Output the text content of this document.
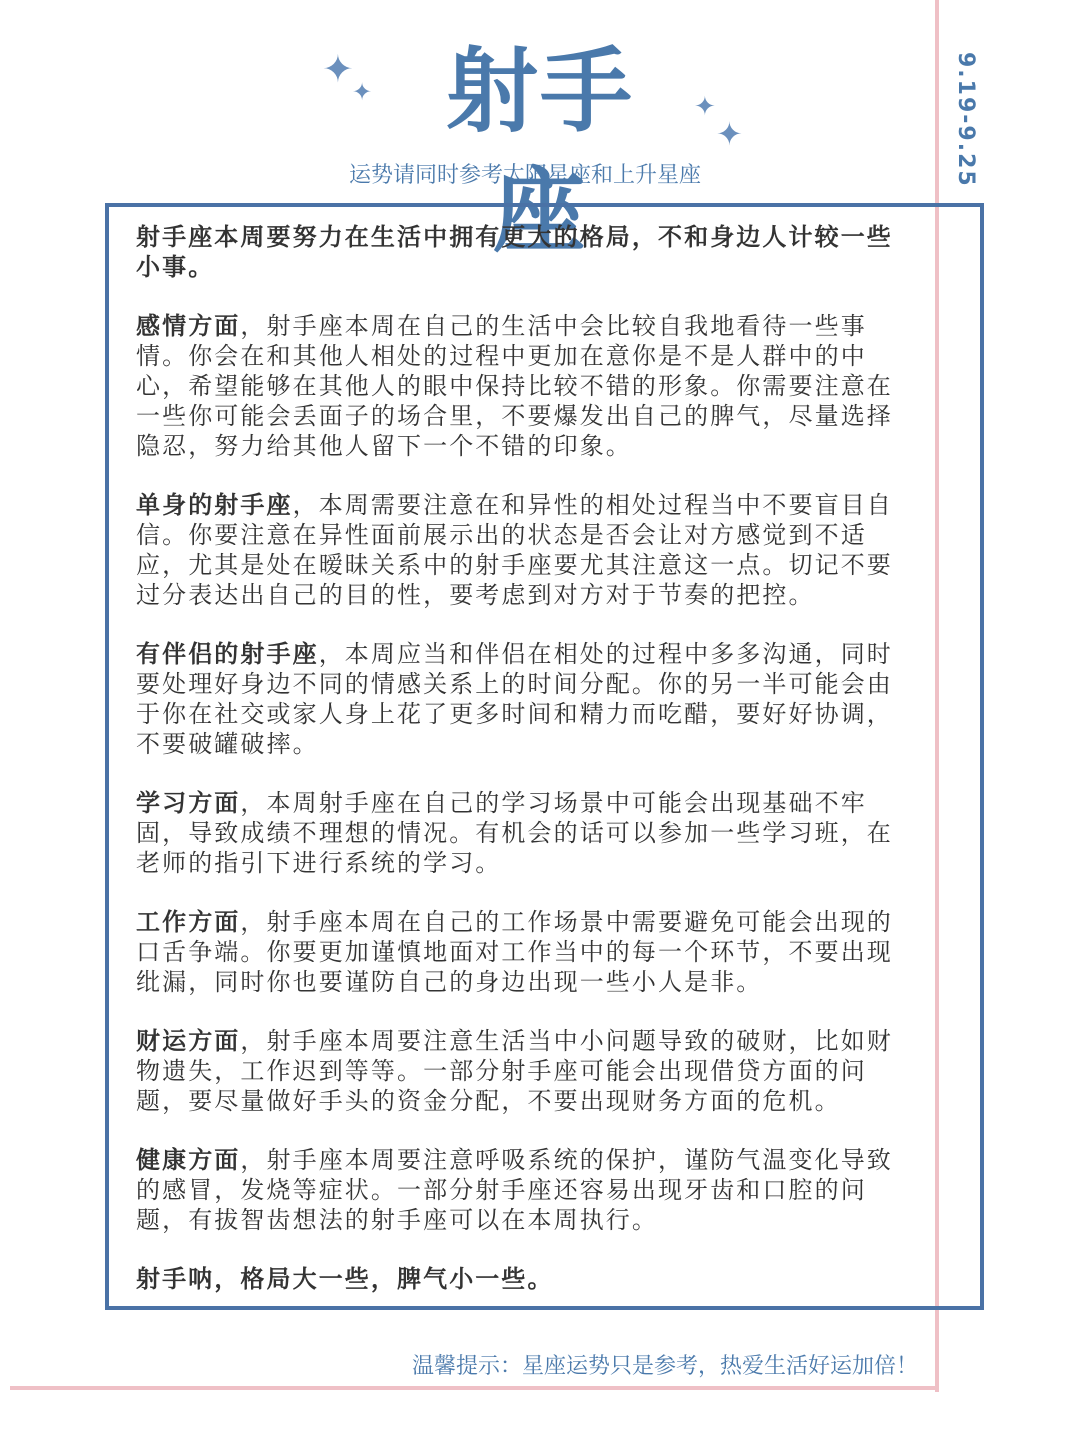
✦
✦	✦
✦
射手座
运势请同时参考太阳星座和上升星座	9.19-9.25

射手座本周要努力在生活中拥有更大的格局，不和身边人计较一些小事。

感情方面，射手座本周在自己的生活中会比较自我地看待一些事情。你会在和其他人相处的过程中更加在意你是不是人群中的中心，希望能够在其他人的眼中保持比较不错的形象。你需要注意在一些你可能会丢面子的场合里，不要爆发出自己的脾气，尽量选择隐忍，努力给其他人留下一个不错的印象。

单身的射手座，本周需要注意在和异性的相处过程当中不要盲目自信。你要注意在异性面前展示出的状态是否会让对方感觉到不适应，尤其是处在暧昧关系中的射手座要尤其注意这一点。切记不要过分表达出自己的目的性，要考虑到对方对于节奏的把控。

有伴侣的射手座，本周应当和伴侣在相处的过程中多多沟通，同时要处理好身边不同的情感关系上的时间分配。你的另一半可能会由于你在社交或家人身上花了更多时间和精力而吃醋，要好好协调，不要破罐破摔。

学习方面，本周射手座在自己的学习场景中可能会出现基础不牢固，导致成绩不理想的情况。有机会的话可以参加一些学习班，在老师的指引下进行系统的学习。

工作方面，射手座本周在自己的工作场景中需要避免可能会出现的口舌争端。你要更加谨慎地面对工作当中的每一个环节，不要出现纰漏，同时你也要谨防自己的身边出现一些小人是非。

财运方面，射手座本周要注意生活当中小问题导致的破财，比如财物遗失，工作迟到等等。一部分射手座可能会出现借贷方面的问题，要尽量做好手头的资金分配，不要出现财务方面的危机。

健康方面，射手座本周要注意呼吸系统的保护，谨防气温变化导致的感冒，发烧等症状。一部分射手座还容易出现牙齿和口腔的问题，有拔智齿想法的射手座可以在本周执行。

射手呐，格局大一些，脾气小一些。

温馨提示：星座运势只是参考，热爱生活好运加倍！
